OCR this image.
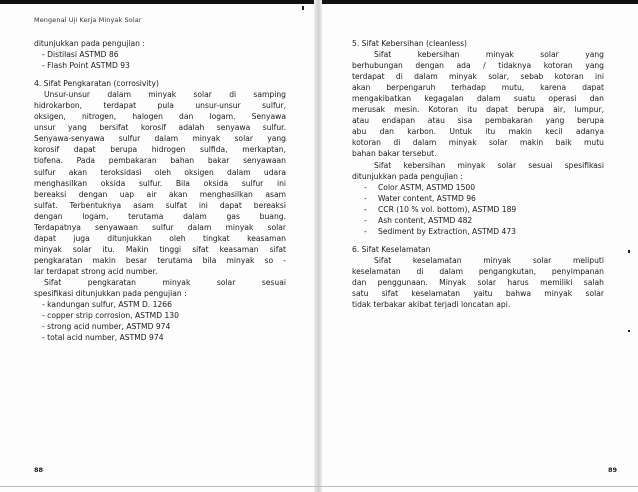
Mengenal Uji Kerja Minyak Solar
ditunjukkan pada pengujian :
- Distilasi ASTMD 86
- Flash Point ASTMD 93
4. Sifat Pengkaratan (corrosivity)
Unsur-unsur dalam minyak solar di samping
hidrokarbon, terdapat pula unsur-unsur sulfur,
oksigen, nitrogen, halogen dan logam. Senyawa
unsur yang bersifat korosif adalah senyawa sulfur.
Senyawa-senyawa sulfur dalam minyak solar yang
korosif dapat berupa hidrogen sulfida, merkaptan,
tiofena. Pada pembakaran bahan bakar senyawaan
sulfur akan teroksidasi oleh oksigen dalam udara
menghasilkan oksida sulfur. Bila oksida sulfur ini
bereaksi dengan uap air akan menghasilkan asam
sulfat. Terbentuknya asam sulfat ini dapat bereaksi
dengan logam, terutama dalam gas buang.
Terdapatnya senyawaan sulfur dalam minyak solar
dapat juga ditunjukkan oleh tingkat keasaman
minyak solar itu. Makin tinggi sifat keasaman sifat
pengkaratan makin besar terutama bila minyak so -
lar terdapat strong acid number.
Sifat pengkaratan minyak solar sesuai
spesifikasi ditunjukkan pada pengujian :
- kandungan sulfur, ASTM D. 1266
- copper strip corrosion, ASTMD 130
- strong acid number, ASTMD 974
- total acid number, ASTMD 974
88
5. Sifat Kebersihan (cleanless)
Sifat kebersihan minyak solar yang
berhubungan dengan ada / tidaknya kotoran yang
terdapat di dalam minyak solar, sebab kotoran ini
akan berpengaruh terhadap mutu, karena dapat
mengakibatkan kegagalan dalam suatu operasi dan
merusak mesin. Kotoran itu dapat berupa air, lumpur,
atau endapan atau sisa pembakaran yang berupa
abu dan karbon. Untuk itu makin kecil adanya
kotoran di dalam minyak solar makin baik mutu
bahan bakar tersebut.
Sifat kebersihan minyak solar sesuai spesifikasi
ditunjukkan pada pengujian :
- Color ASTM, ASTMD 1500
- Water content, ASTMD 96
- CCR (10 % vol. bottom), ASTMD 189
- Ash content, ASTMD 482
- Sediment by Extraction, ASTMD 473
6. Sifat Keselamatan
Sifat keselamatan minyak solar meliputi
keselamatan di dalam pengangkutan, penyimpanan
dan penggunaan. Minyak solar harus memiliki salah
satu sifat keselamatan yaitu bahwa minyak solar
tidak terbakar akibat terjadi loncatan api.
89
